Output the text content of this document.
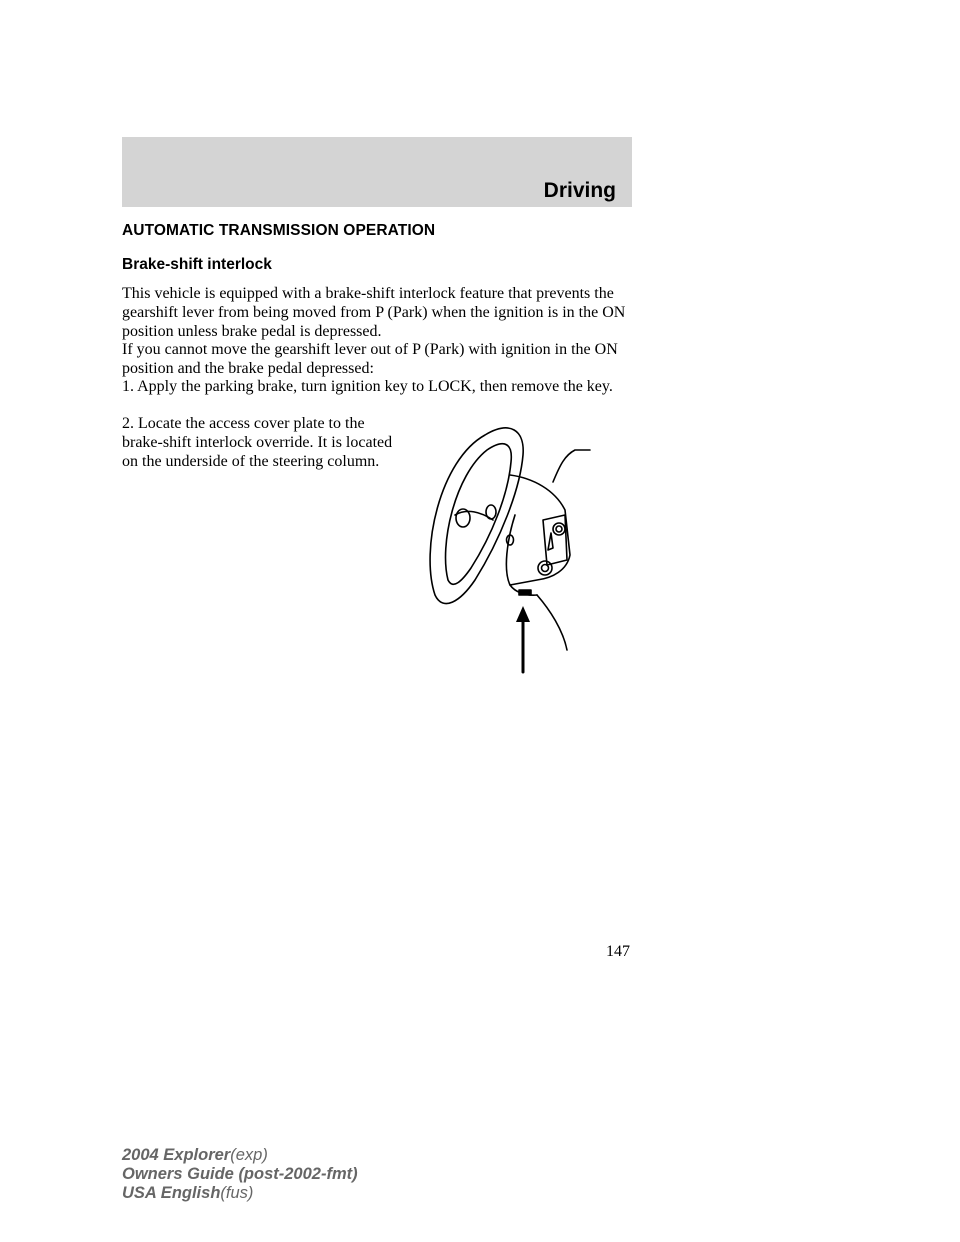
Driving
AUTOMATIC TRANSMISSION OPERATION
Brake-shift interlock
This vehicle is equipped with a brake-shift interlock feature that prevents the gearshift lever from being moved from P (Park) when the ignition is in the ON position unless brake pedal is depressed.
If you cannot move the gearshift lever out of P (Park) with ignition in the ON position and the brake pedal depressed:
1. Apply the parking brake, turn ignition key to LOCK, then remove the key.
2. Locate the access cover plate to the brake-shift interlock override. It is located on the underside of the steering column.
147
2004 Explorer(exp)
Owners Guide (post-2002-fmt)
USA English(fus)
